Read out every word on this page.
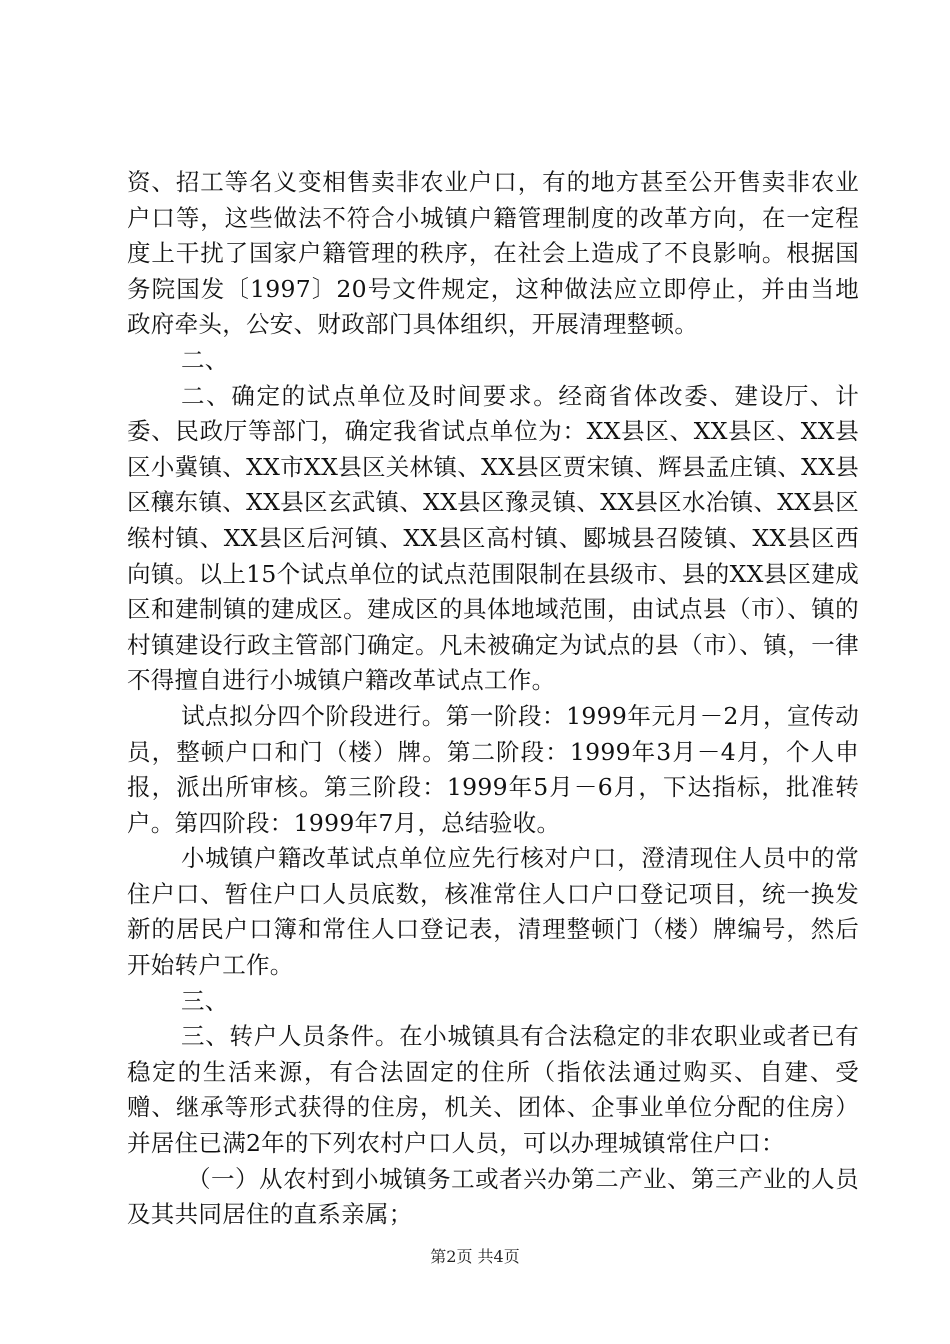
资、招工等名义变相售卖非农业户口，有的地方甚至公开售卖非农业户口等，这些做法不符合小城镇户籍管理制度的改革方向，在一定程度上干扰了国家户籍管理的秩序，在社会上造成了不良影响。根据国务院国发〔1997〕20号文件规定，这种做法应立即停止，并由当地政府牵头，公安、财政部门具体组织，开展清理整顿。

二、

二、确定的试点单位及时间要求。经商省体改委、建设厅、计委、民政厅等部门，确定我省试点单位为：XX县区、XX县区、XX县区小冀镇、XX市XX县区关林镇、XX县区贾宋镇、辉县孟庄镇、XX县区穰东镇、XX县区玄武镇、XX县区豫灵镇、XX县区水冶镇、XX县区缑村镇、XX县区后河镇、XX县区高村镇、郾城县召陵镇、XX县区西向镇。以上15个试点单位的试点范围限制在县级市、县的XX县区建成区和建制镇的建成区。建成区的具体地域范围，由试点县（市）、镇的村镇建设行政主管部门确定。凡未被确定为试点的县（市）、镇，一律不得擅自进行小城镇户籍改革试点工作。

试点拟分四个阶段进行。第一阶段：1999年元月－2月，宣传动员，整顿户口和门（楼）牌。第二阶段：1999年3月－4月，个人申报，派出所审核。第三阶段：1999年5月－6月，下达指标，批准转户。第四阶段：1999年7月，总结验收。

小城镇户籍改革试点单位应先行核对户口，澄清现住人员中的常住户口、暂住户口人员底数，核准常住人口户口登记项目，统一换发新的居民户口簿和常住人口登记表，清理整顿门（楼）牌编号，然后开始转户工作。

三、

三、转户人员条件。在小城镇具有合法稳定的非农职业或者已有稳定的生活来源，有合法固定的住所（指依法通过购买、自建、受赠、继承等形式获得的住房，机关、团体、企事业单位分配的住房）并居住已满2年的下列农村户口人员，可以办理城镇常住户口：

（一）从农村到小城镇务工或者兴办第二产业、第三产业的人员及其共同居住的直系亲属；

第2页 共4页
